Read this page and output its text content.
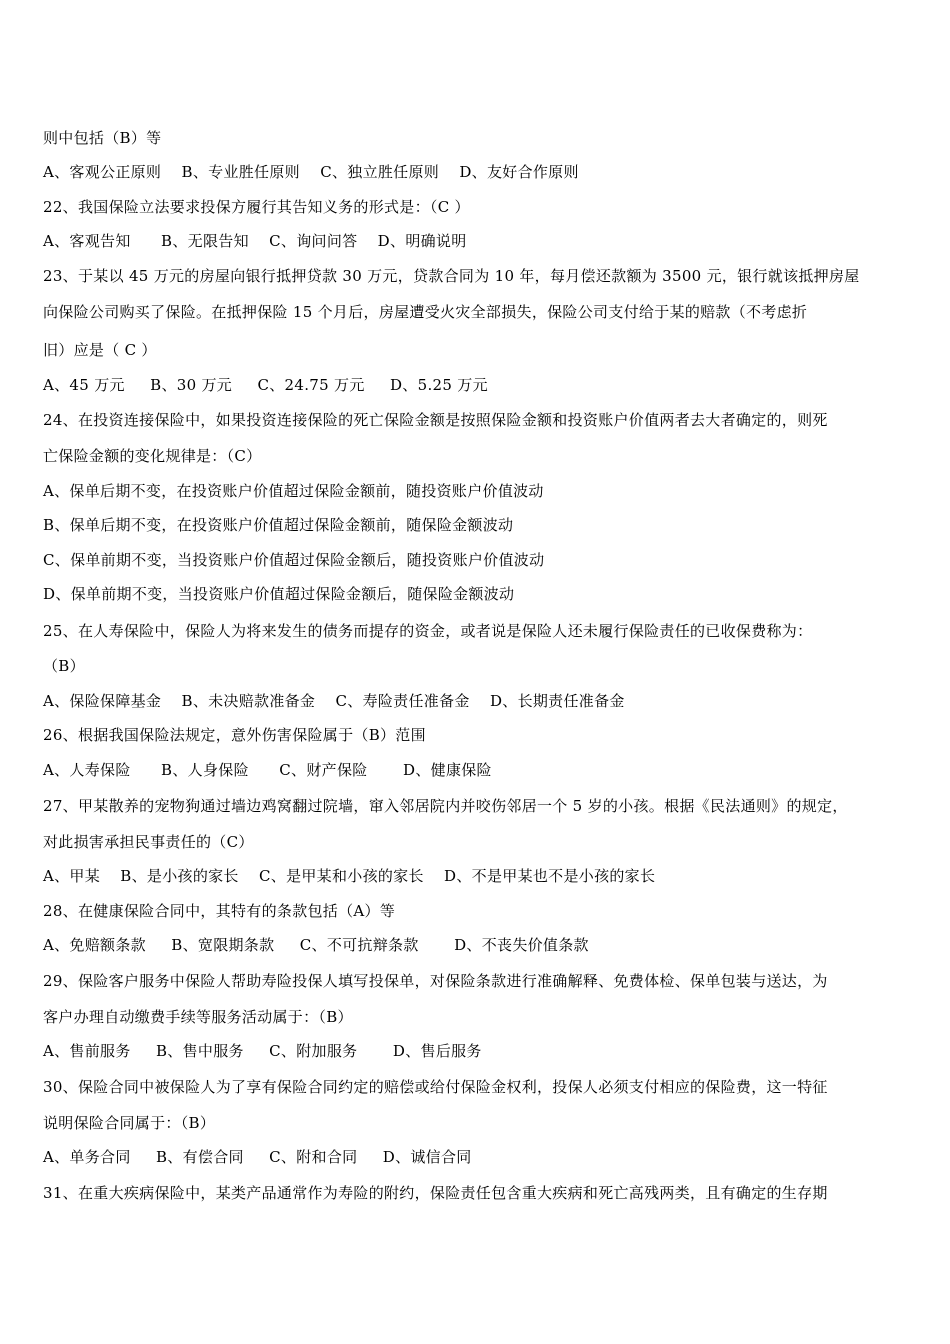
则中包括（B）等
A、客观公正原则    B、专业胜任原则    C、独立胜任原则    D、友好合作原则
22、我国保险立法要求投保方履行其告知义务的形式是：（C ）
A、客观告知      B、无限告知    C、询问问答    D、明确说明
23、于某以 45 万元的房屋向银行抵押贷款 30 万元，贷款合同为 10 年，每月偿还款额为 3500 元，银行就该抵押房屋
向保险公司购买了保险。在抵押保险 15 个月后，房屋遭受火灾全部损失，保险公司支付给于某的赔款（不考虑折
旧）应是（ C ）
A、45 万元     B、30 万元     C、24.75 万元     D、5.25 万元
24、在投资连接保险中，如果投资连接保险的死亡保险金额是按照保险金额和投资账户价值两者去大者确定的，则死
亡保险金额的变化规律是：（C）
A、保单后期不变，在投资账户价值超过保险金额前，随投资账户价值波动
B、保单后期不变，在投资账户价值超过保险金额前，随保险金额波动
C、保单前期不变，当投资账户价值超过保险金额后，随投资账户价值波动
D、保单前期不变，当投资账户价值超过保险金额后，随保险金额波动
25、在人寿保险中，保险人为将来发生的债务而提存的资金，或者说是保险人还未履行保险责任的已收保费称为：
（B）
A、保险保障基金    B、未决赔款准备金    C、寿险责任准备金    D、长期责任准备金
26、根据我国保险法规定，意外伤害保险属于（B）范围
A、人寿保险      B、人身保险      C、财产保险       D、健康保险
27、甲某散养的宠物狗通过墙边鸡窝翻过院墙，窜入邻居院内并咬伤邻居一个 5 岁的小孩。根据《民法通则》的规定，
对此损害承担民事责任的（C）
A、甲某    B、是小孩的家长    C、是甲某和小孩的家长    D、不是甲某也不是小孩的家长
28、在健康保险合同中，其特有的条款包括（A）等
A、免赔额条款     B、宽限期条款     C、不可抗辩条款       D、不丧失价值条款
29、保险客户服务中保险人帮助寿险投保人填写投保单，对保险条款进行准确解释、免费体检、保单包装与送达，为
客户办理自动缴费手续等服务活动属于：（B）
A、售前服务     B、售中服务     C、附加服务       D、售后服务
30、保险合同中被保险人为了享有保险合同约定的赔偿或给付保险金权利，投保人必须支付相应的保险费，这一特征
说明保险合同属于：（B）
A、单务合同     B、有偿合同     C、附和合同     D、诚信合同
31、在重大疾病保险中，某类产品通常作为寿险的附约，保险责任包含重大疾病和死亡高残两类，且有确定的生存期
